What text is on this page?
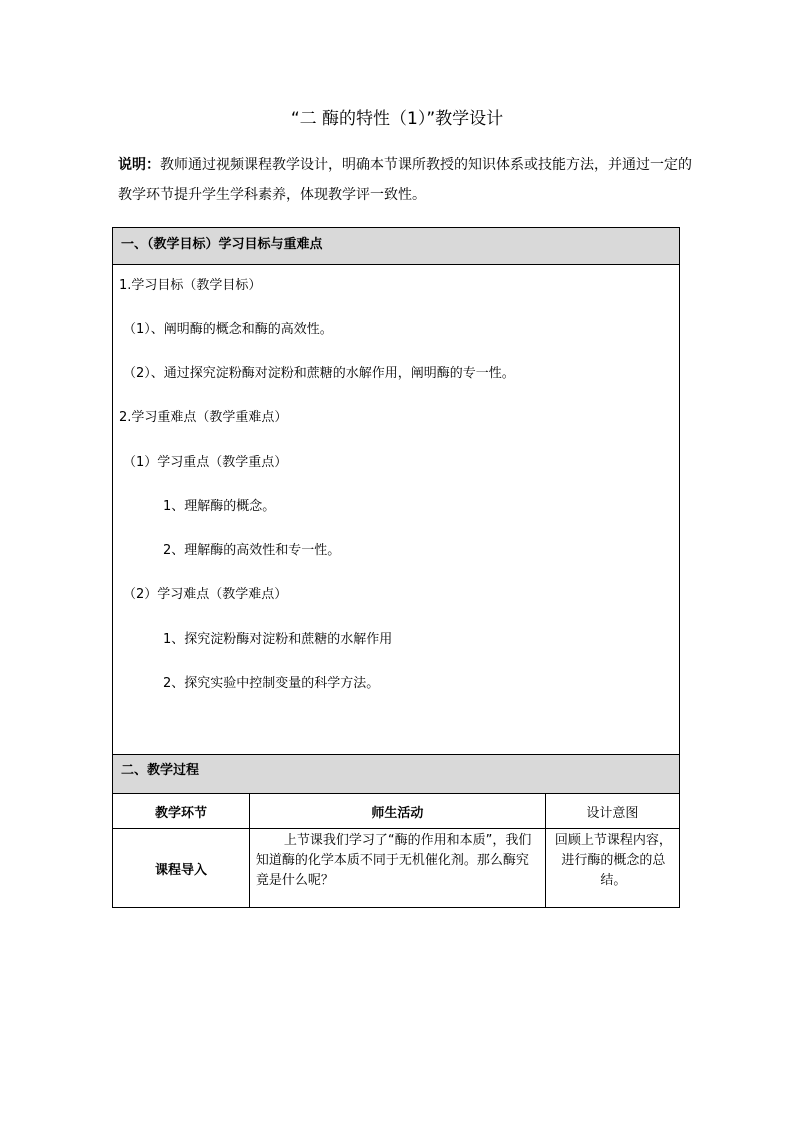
“二 酶的特性（1）”教学设计
说明：教师通过视频课程教学设计，明确本节课所教授的知识体系或技能方法，并通过一定的教学环节提升学生学科素养，体现教学评一致性。
一、（教学目标）学习目标与重难点
1.学习目标（教学目标）
（1）、阐明酶的概念和酶的高效性。
（2）、通过探究淀粉酶对淀粉和蔗糖的水解作用，阐明酶的专一性。
2.学习重难点（教学重难点）
（1）学习重点（教学重点）
1、理解酶的概念。
2、理解酶的高效性和专一性。
（2）学习难点（教学难点）
1、探究淀粉酶对淀粉和蔗糖的水解作用
2、探究实验中控制变量的科学方法。
二、教学过程
教学环节	师生活动	设计意图
课程导入	上节课我们学习了“酶的作用和本质”，我们知道酶的化学本质不同于无机催化剂。那么酶究竟是什么呢？	回顾上节课程内容，进行酶的概念的总结。
